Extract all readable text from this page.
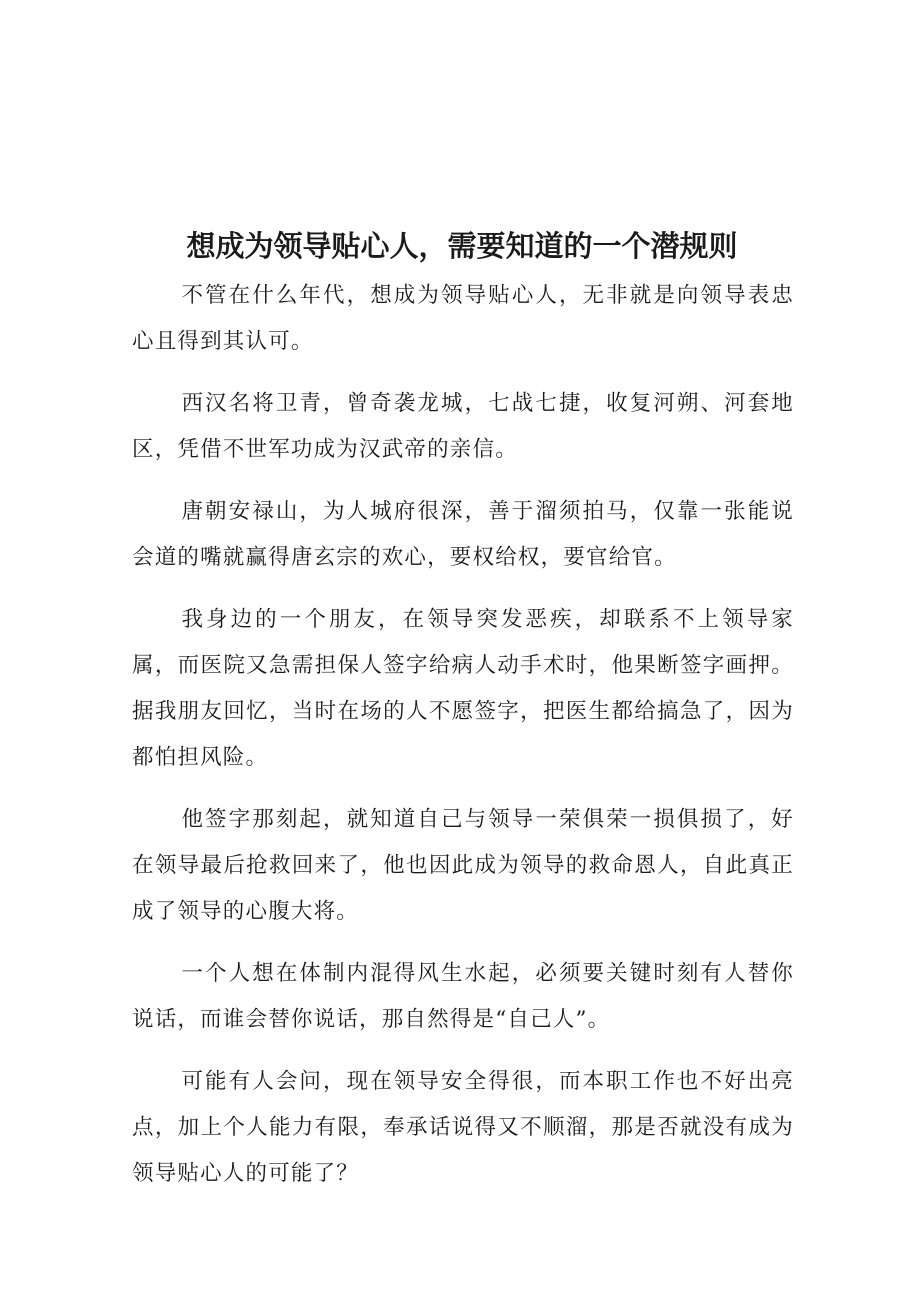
想成为领导贴心人，需要知道的一个潜规则

不管在什么年代，想成为领导贴心人，无非就是向领导表忠心且得到其认可。

西汉名将卫青，曾奇袭龙城，七战七捷，收复河朔、河套地区，凭借不世军功成为汉武帝的亲信。

唐朝安禄山，为人城府很深，善于溜须拍马，仅靠一张能说会道的嘴就赢得唐玄宗的欢心，要权给权，要官给官。

我身边的一个朋友，在领导突发恶疾，却联系不上领导家属，而医院又急需担保人签字给病人动手术时，他果断签字画押。据我朋友回忆，当时在场的人不愿签字，把医生都给搞急了，因为都怕担风险。

他签字那刻起，就知道自己与领导一荣俱荣一损俱损了，好在领导最后抢救回来了，他也因此成为领导的救命恩人，自此真正成了领导的心腹大将。

一个人想在体制内混得风生水起，必须要关键时刻有人替你说话，而谁会替你说话，那自然得是“自己人”。

可能有人会问，现在领导安全得很，而本职工作也不好出亮点，加上个人能力有限，奉承话说得又不顺溜，那是否就没有成为领导贴心人的可能了？
